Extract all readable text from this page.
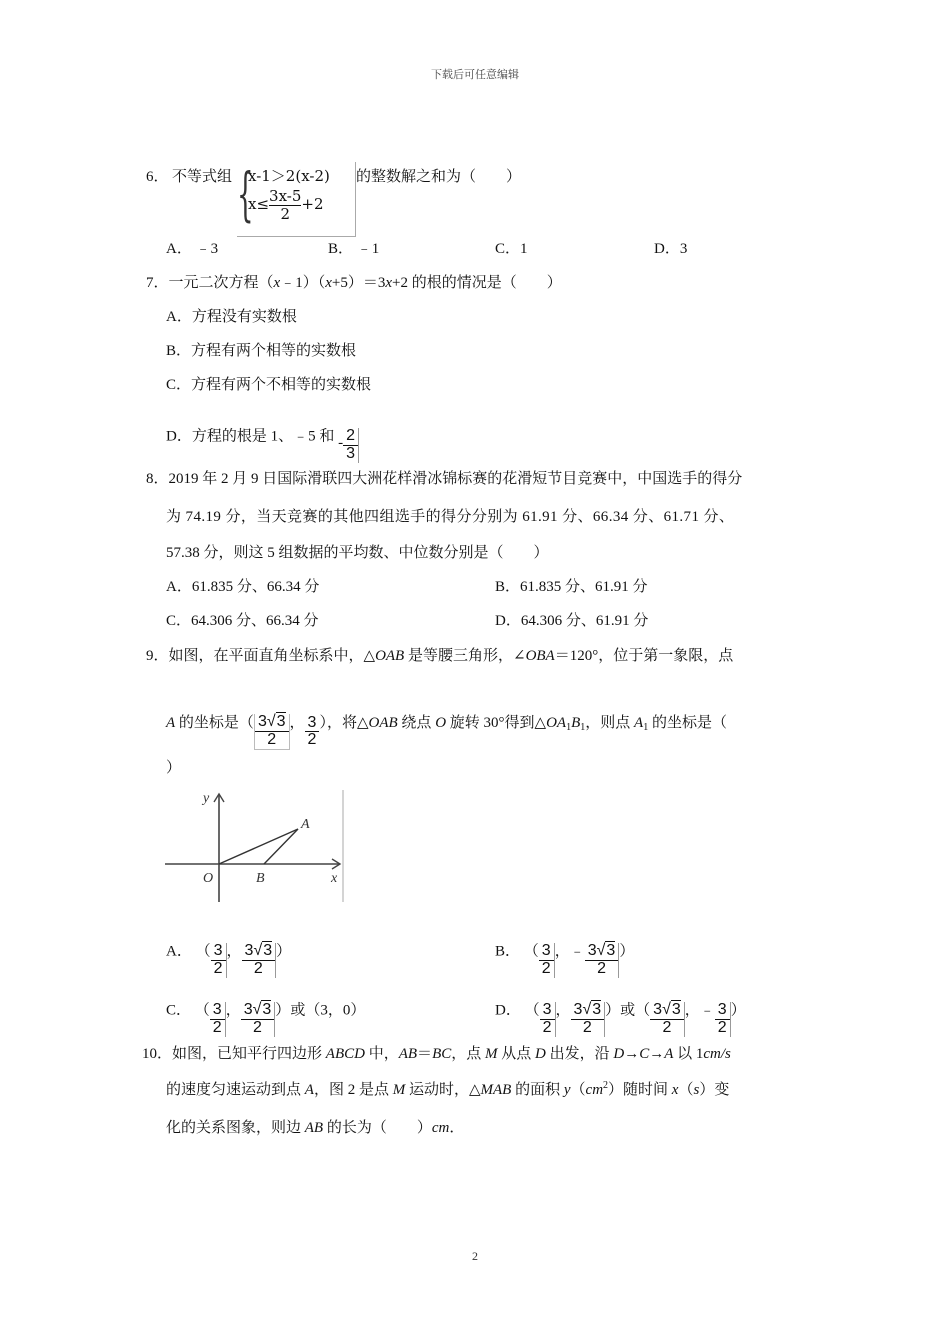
下载后可任意编辑
6． 不等式组 {
x-1＞2(x-2)
$x\le \frac{3x-5}{2} +2$
的整数解之和为（　　）
A． ﹣3	B． ﹣1	C．1	D．3
7．一元二次方程（x﹣1）（x+5）＝3x+2 的根的情况是（　　）
A．方程没有实数根
B．方程有两个相等的实数根
C．方程有两个不相等的实数根
D．方程的根是 1、﹣5 和 - $\frac{2}{3}$
8．2019 年 2 月 9 日国际滑联四大洲花样滑冰锦标赛的花滑短节目竞赛中，中国选手的得分
为 74.19 分，当天竞赛的其他四组选手的得分分别为 61.91 分、66.34 分、61.71 分、
57.38 分，则这 5 组数据的平均数、中位数分别是（　　）
A．61.835 分、66.34 分	B．61.835 分、61.91 分
C．64.306 分、66.34 分	D．64.306 分、61.91 分
9．如图，在平面直角坐标系中，△OAB 是等腰三角形，∠OBA＝120°，位于第一象限，点
A 的坐标是（ $\frac{3√3}{2}$ ， $\frac{3}{2}$ ），将△OAB 绕点 O 旋转 30°得到$\triangle OA_1B_1$，则点 $A_1$ 的坐标是（
）
y
x
O
A
B
A． （ $\frac{3}{2}$ ， $\frac{3√3}{2}$ ）	B． （ $\frac{3}{2}$ ，﹣ $\frac{3√3}{2}$ ）
C． （ $\frac{3}{2}$ ， $\frac{3√3}{2}$ ）或（3，0）	D． （ $\frac{3}{2}$ ， $\frac{3√3}{2}$ ）或（ $\frac{3√3}{2}$ ，﹣ $\frac{3}{2}$ ）
10．如图，已知平行四边形 ABCD 中，AB＝BC，点 M 从点 D 出发，沿 D→C→A 以 1cm/s
的速度匀速运动到点 A，图 2 是点 M 运动时，△MAB 的面积 $y(cm^2)$随时间 x（s）变
化的关系图象，则边 AB 的长为（　　）cm．
2
